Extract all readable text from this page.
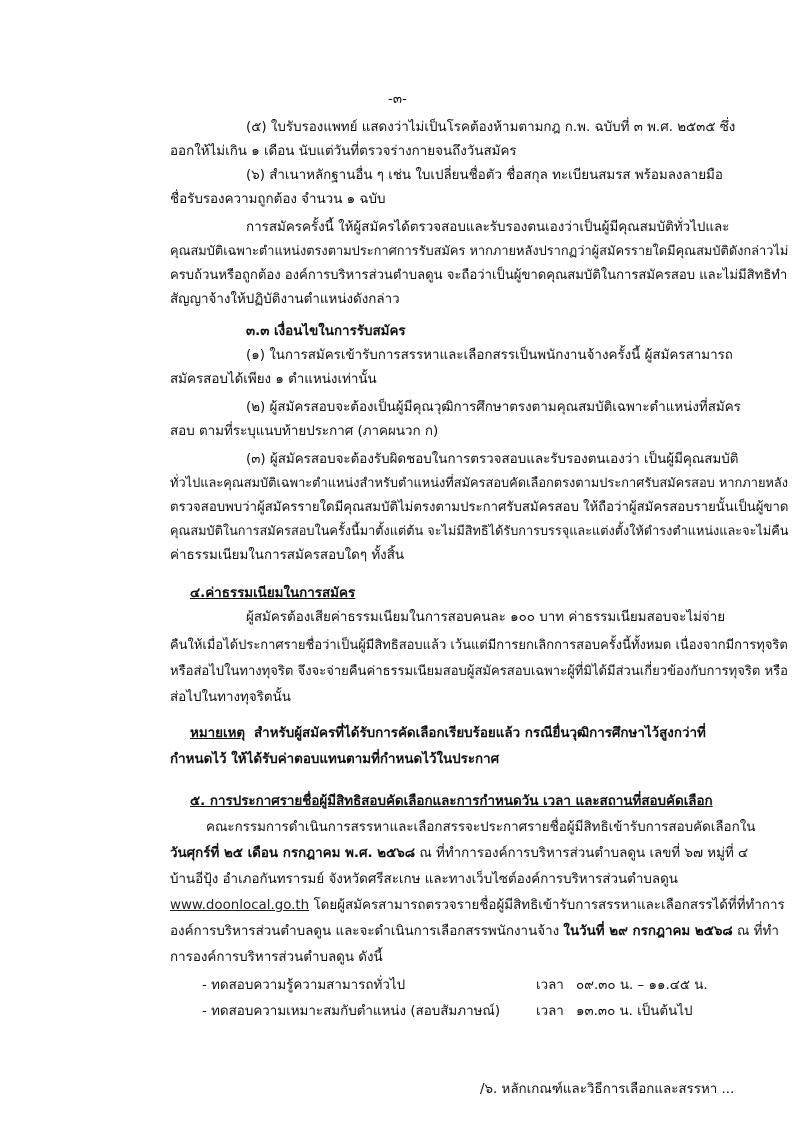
-๓-
(๕) ใบรับรองแพทย์ แสดงว่าไม่เป็นโรคต้องห้ามตามกฎ ก.พ. ฉบับที่ ๓ พ.ศ. ๒๕๓๕ ซึ่ง
ออกให้ไม่เกิน ๑ เดือน นับแต่วันที่ตรวจร่างกายจนถึงวันสมัคร
(๖) สำเนาหลักฐานอื่น ๆ เช่น ใบเปลี่ยนชื่อตัว ชื่อสกุล ทะเบียนสมรส พร้อมลงลายมือ
ชื่อรับรองความถูกต้อง จำนวน ๑ ฉบับ
การสมัครครั้งนี้ ให้ผู้สมัครได้ตรวจสอบและรับรองตนเองว่าเป็นผู้มีคุณสมบัติทั่วไปและ
คุณสมบัติเฉพาะตำแหน่งตรงตามประกาศการรับสมัคร หากภายหลังปรากฏว่าผู้สมัครรายใดมีคุณสมบัติดังกล่าวไม่
ครบถ้วนหรือถูกต้อง องค์การบริหารส่วนตำบลดูน จะถือว่าเป็นผู้ขาดคุณสมบัติในการสมัครสอบ และไม่มีสิทธิทำ
สัญญาจ้างให้ปฏิบัติงานตำแหน่งดังกล่าว
๓.๓ เงื่อนไขในการรับสมัคร
(๑) ในการสมัครเข้ารับการสรรหาและเลือกสรรเป็นพนักงานจ้างครั้งนี้ ผู้สมัครสามารถ
สมัครสอบได้เพียง ๑ ตำแหน่งเท่านั้น
(๒) ผู้สมัครสอบจะต้องเป็นผู้มีคุณวุฒิการศึกษาตรงตามคุณสมบัติเฉพาะตำแหน่งที่สมัคร
สอบ ตามที่ระบุแนบท้ายประกาศ (ภาคผนวก ก)
(๓) ผู้สมัครสอบจะต้องรับผิดชอบในการตรวจสอบและรับรองตนเองว่า เป็นผู้มีคุณสมบัติ
ทั่วไปและคุณสมบัติเฉพาะตำแหน่งสำหรับตำแหน่งที่สมัครสอบคัดเลือกตรงตามประกาศรับสมัครสอบ หากภายหลัง
ตรวจสอบพบว่าผู้สมัครรายใดมีคุณสมบัติไม่ตรงตามประกาศรับสมัครสอบ ให้ถือว่าผู้สมัครสอบรายนั้นเป็นผู้ขาด
คุณสมบัติในการสมัครสอบในครั้งนี้มาตั้งแต่ต้น จะไม่มีสิทธิได้รับการบรรจุและแต่งตั้งให้ดำรงตำแหน่งและจะไม่คืน
ค่าธรรมเนียมในการสมัครสอบใดๆ ทั้งสิ้น
๔.ค่าธรรมเนียมในการสมัคร
ผู้สมัครต้องเสียค่าธรรมเนียมในการสอบคนละ ๑๐๐ บาท ค่าธรรมเนียมสอบจะไม่จ่าย
คืนให้เมื่อได้ประกาศรายชื่อว่าเป็นผู้มีสิทธิสอบแล้ว เว้นแต่มีการยกเลิกการสอบครั้งนี้ทั้งหมด เนื่องจากมีการทุจริต
หรือส่อไปในทางทุจริต จึงจะจ่ายคืนค่าธรรมเนียมสอบผู้สมัครสอบเฉพาะผู้ที่มิได้มีส่วนเกี่ยวข้องกับการทุจริต หรือ
ส่อไปในทางทุจริตนั้น
หมายเหตุ สำหรับผู้สมัครที่ได้รับการคัดเลือกเรียบร้อยแล้ว กรณียื่นวุฒิการศึกษาไว้สูงกว่าที่
กำหนดไว้ ให้ได้รับค่าตอบแทนตามที่กำหนดไว้ในประกาศ
๕. การประกาศรายชื่อผู้มีสิทธิสอบคัดเลือกและการกำหนดวัน เวลา และสถานที่สอบคัดเลือก
คณะกรรมการดำเนินการสรรหาและเลือกสรรจะประกาศรายชื่อผู้มีสิทธิเข้ารับการสอบคัดเลือกใน
วันศุกร์ที่ ๒๕ เดือน กรกฎาคม พ.ศ. ๒๕๖๘ ณ ที่ทำการองค์การบริหารส่วนตำบลดูน เลขที่ ๖๗ หมู่ที่ ๔
บ้านอีปุ้ง อำเภอกันทรารมย์ จังหวัดศรีสะเกษ และทางเว็บไซต์องค์การบริหารส่วนตำบลดูน
www.doonlocal.go.th โดยผู้สมัครสามารถตรวจรายชื่อผู้มีสิทธิเข้ารับการสรรหาและเลือกสรรได้ที่ที่ทำการ
องค์การบริหารส่วนตำบลดูน และจะดำเนินการเลือกสรรพนักงานจ้าง ในวันที่ ๒๙ กรกฎาคม ๒๕๖๘ ณ ที่ทำ
การองค์การบริหารส่วนตำบลดูน ดังนี้
- ทดสอบความรู้ความสามารถทั่วไป	เวลา ๐๙.๓๐ น. – ๑๑.๔๕ น.
- ทดสอบความเหมาะสมกับตำแหน่ง (สอบสัมภาษณ์)	เวลา ๑๓.๓๐ น. เป็นต้นไป
/๖. หลักเกณฑ์และวิธีการเลือกและสรรหา ...
